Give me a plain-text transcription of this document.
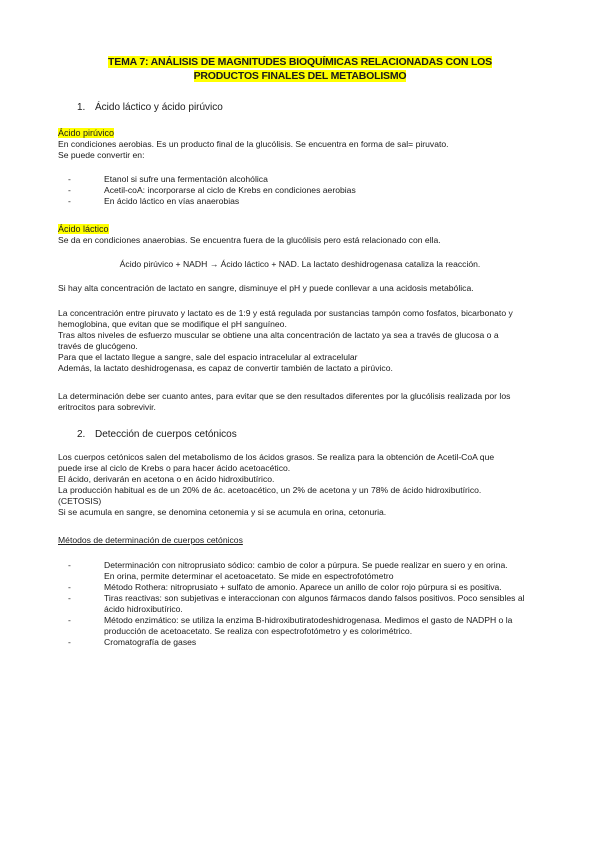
TEMA 7: ANÁLISIS DE MAGNITUDES BIOQUÍMICAS RELACIONADAS CON LOS
PRODUCTOS FINALES DEL METABOLISMO
1. Ácido láctico y ácido pirúvico
Ácido pirúvico

En condiciones aerobias. Es un producto final de la glucólisis. Se encuentra en forma de sal= piruvato.

Se puede convertir en:

- Etanol si sufre una fermentación alcohólica
- Acetil-coA: incorporarse al ciclo de Krebs en condiciones aerobias
- En ácido láctico en vías anaerobias
Ácido láctico

Se da en condiciones anaerobias. Se encuentra fuera de la glucólisis pero está relacionado con ella.

Ácido pirúvico + NADH → Ácido láctico + NAD. La lactato deshidrogenasa cataliza la reacción.

Si hay alta concentración de lactato en sangre, disminuye el pH y puede conllevar a una acidosis metabólica.

La concentración entre piruvato y lactato es de 1:9 y está regulada por sustancias tampón como fosfatos, bicarbonato y

hemoglobina, que evitan que se modifique el pH sanguíneo.

Tras altos niveles de esfuerzo muscular se obtiene una alta concentración de lactato ya sea a través de glucosa o a

través de glucógeno.

Para que el lactato llegue a sangre, sale del espacio intracelular al extracelular

Además, la lactato deshidrogenasa, es capaz de convertir también de lactato a pirúvico.

La determinación debe ser cuanto antes, para evitar que se den resultados diferentes por la glucólisis realizada por los

eritrocitos para sobrevivir.

2. Detección de cuerpos cetónicos

Los cuerpos cetónicos salen del metabolismo de los ácidos grasos. Se realiza para la obtención de Acetil-CoA que

puede irse al ciclo de Krebs o para hacer ácido acetoacético.

El ácido, derivarán en acetona o en ácido hidroxibutírico.

La producción habitual es de un 20% de ác. acetoacético, un 2% de acetona y un 78% de ácido hidroxibutírico.

(CETOSIS)

Si se acumula en sangre, se denomina cetonemia y si se acumula en orina, cetonuria.

Métodos de determinación de cuerpos cetónicos
- Determinación con nitroprusiato sódico: cambio de color a púrpura. Se puede realizar en suero y en orina.
En orina, permite determinar el acetoacetato. Se mide en espectrofotómetro
- Método Rothera: nitroprusiato + sulfato de amonio. Aparece un anillo de color rojo púrpura si es positiva.
- Tiras reactivas: son subjetivas e interaccionan con algunos fármacos dando falsos positivos. Poco sensibles al
ácido hidroxibutírico.
- Método enzimático: se utiliza la enzima B-hidroxibutiratodeshidrogenasa. Medimos el gasto de NADPH o la
producción de acetoacetato. Se realiza con espectrofotómetro y es colorimétrico.
- Cromatografía de gases
